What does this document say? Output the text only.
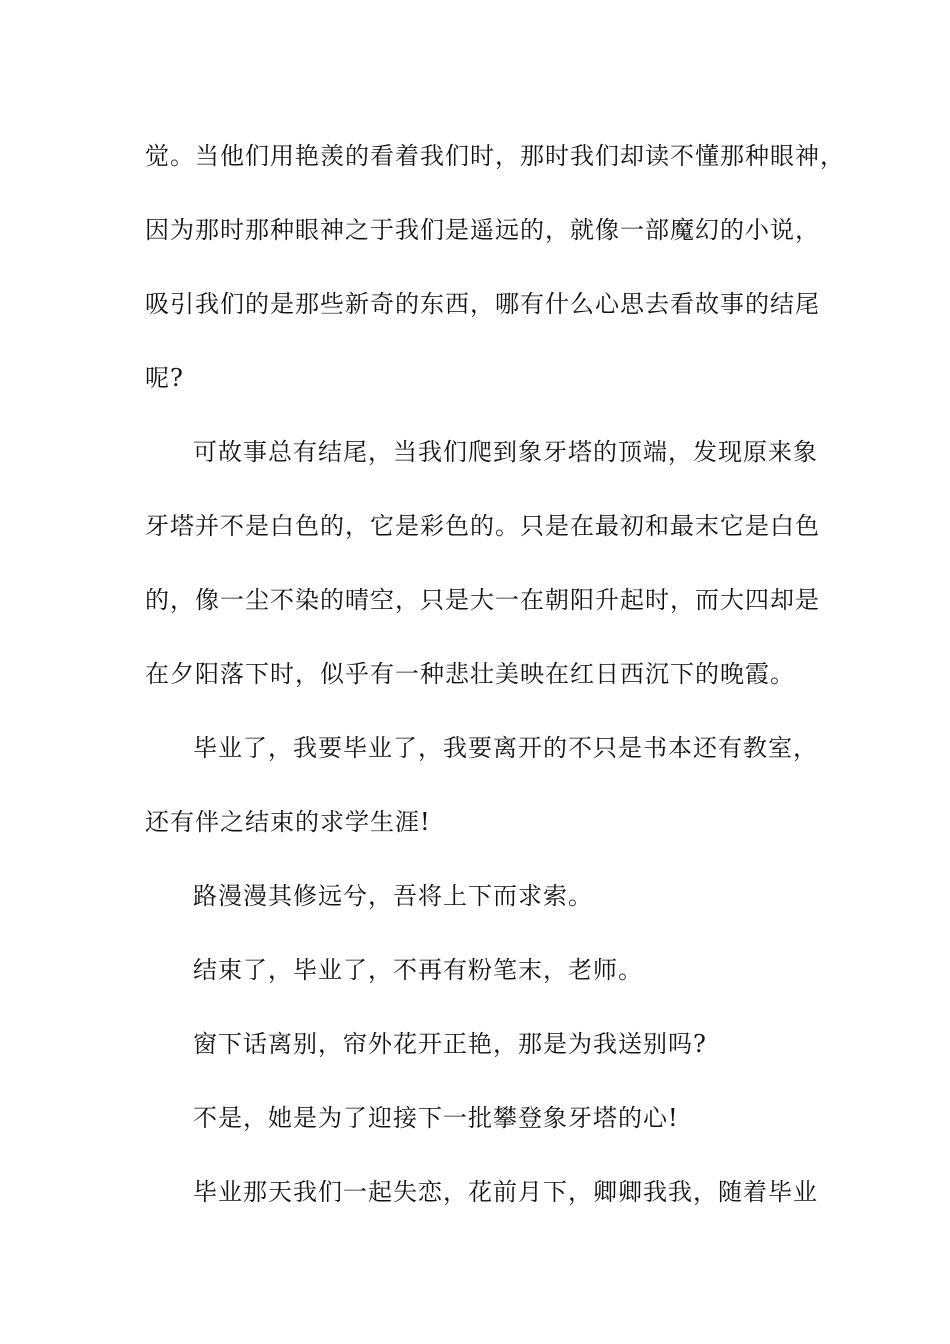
觉。当他们用艳羡的看着我们时，那时我们却读不懂那种眼神，
因为那时那种眼神之于我们是遥远的，就像一部魔幻的小说，
吸引我们的是那些新奇的东西，哪有什么心思去看故事的结尾
呢?
可故事总有结尾，当我们爬到象牙塔的顶端，发现原来象
牙塔并不是白色的，它是彩色的。只是在最初和最末它是白色
的，像一尘不染的晴空，只是大一在朝阳升起时，而大四却是
在夕阳落下时，似乎有一种悲壮美映在红日西沉下的晚霞。
毕业了，我要毕业了，我要离开的不只是书本还有教室，
还有伴之结束的求学生涯!
路漫漫其修远兮，吾将上下而求索。
结束了，毕业了，不再有粉笔末，老师。
窗下话离别，帘外花开正艳，那是为我送别吗?
不是，她是为了迎接下一批攀登象牙塔的心!
毕业那天我们一起失恋，花前月下，卿卿我我，随着毕业
